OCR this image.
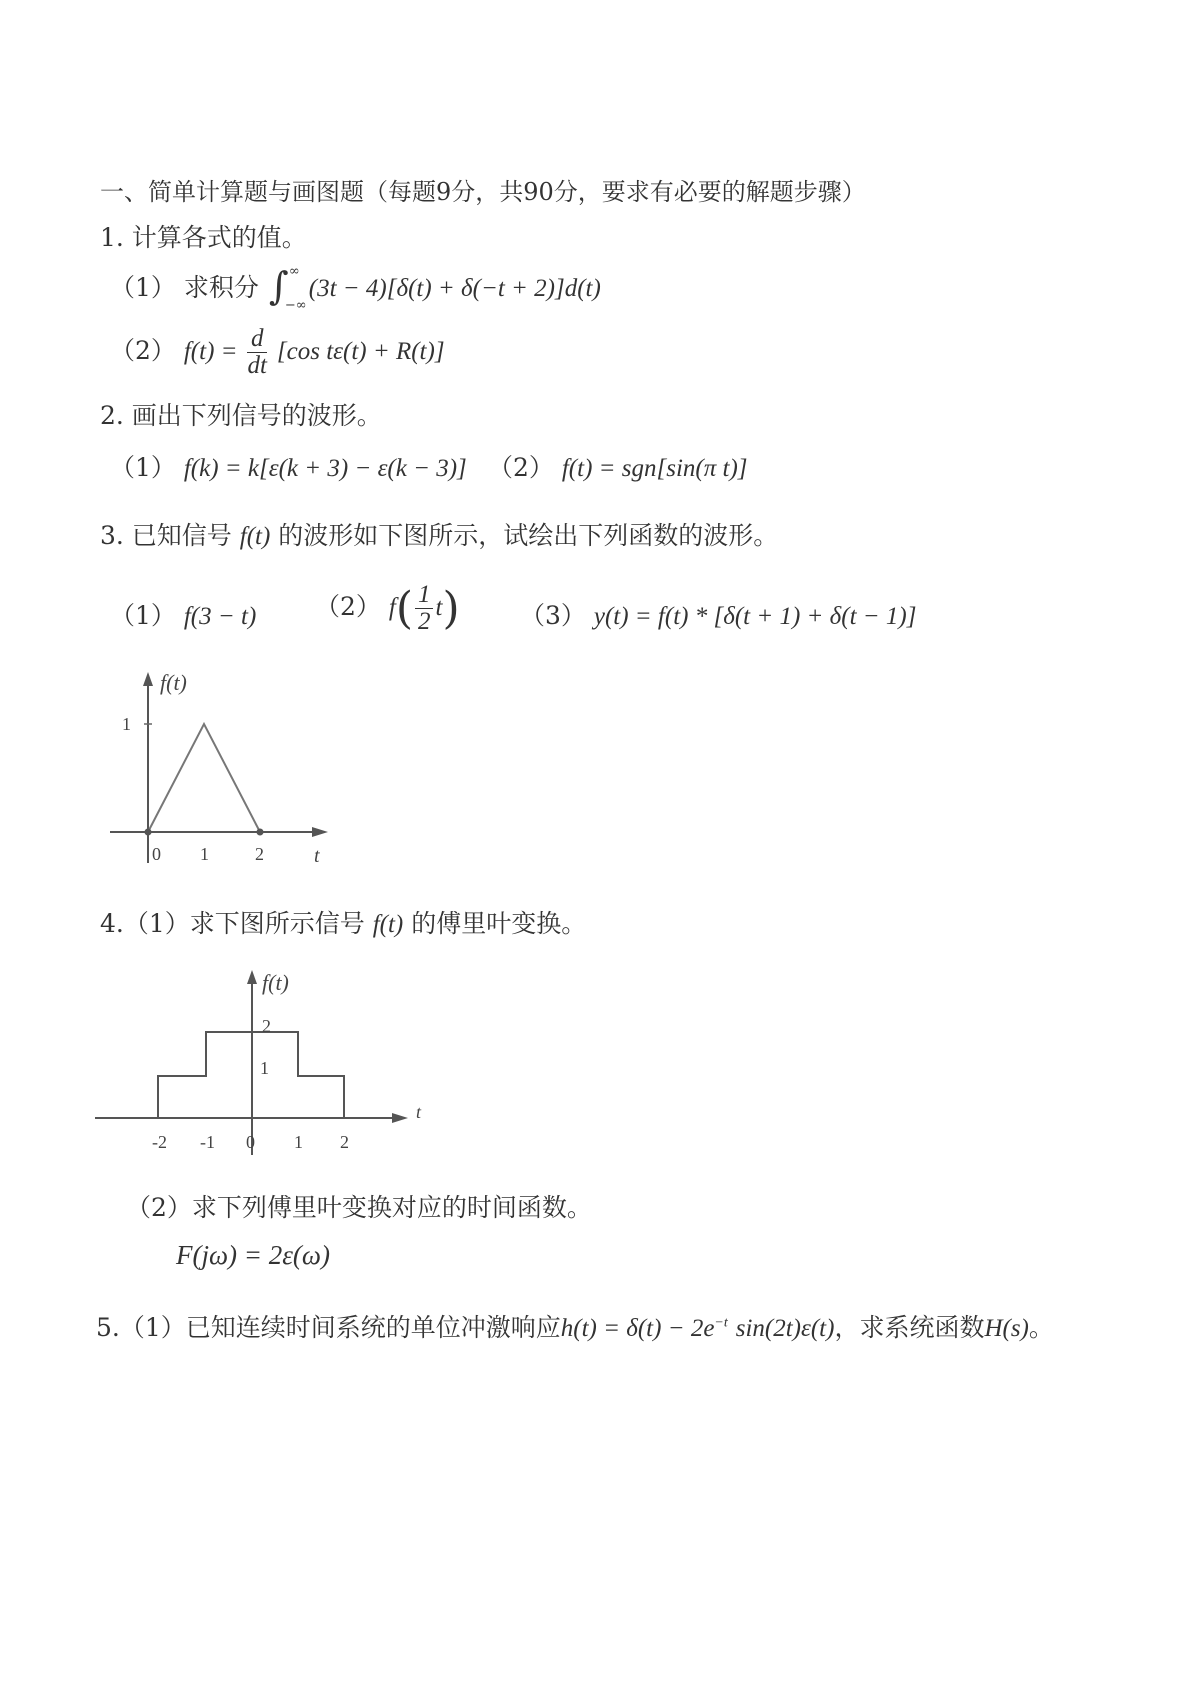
一、简单计算题与画图题（每题9分，共90分，要求有必要的解题步骤）
1. 计算各式的值。
（1） 求积分 ∫ ∞
−∞
(3t − 4)[δ(t) + δ(−t + 2)]d(t)
（2） $f(t) = \frac{d}{dt} [\cos$ tε(t) + R(t)]
2. 画出下列信号的波形。
（1） f(k) = k[ε(k + 3) − ε(k − 3)] （2） f(t) = sgn[sin(π t)]
3. 已知信号 f(t) 的波形如下图所示，试绘出下列函数的波形。
（1） f(3 − t) （2） $f( \frac{1}{2} t)$ （3） y(t) = f(t) * [δ(t + 1) + δ(t − 1)]
f(t)
1
0 1	2	t
4.（1）求下图所示信号 f(t) 的傅里叶变换。
f(t)
2
1
-2 -1 0 1 2
t
（2）求下列傅里叶变换对应的时间函数。
F(jω) = 2ε(ω)
5.（1）已知连续时间系统的单位冲激响应$h(t) = \delta(t) - 2e^{-t}$ sin(2t)ε(t)，求系统函数H(s)。
